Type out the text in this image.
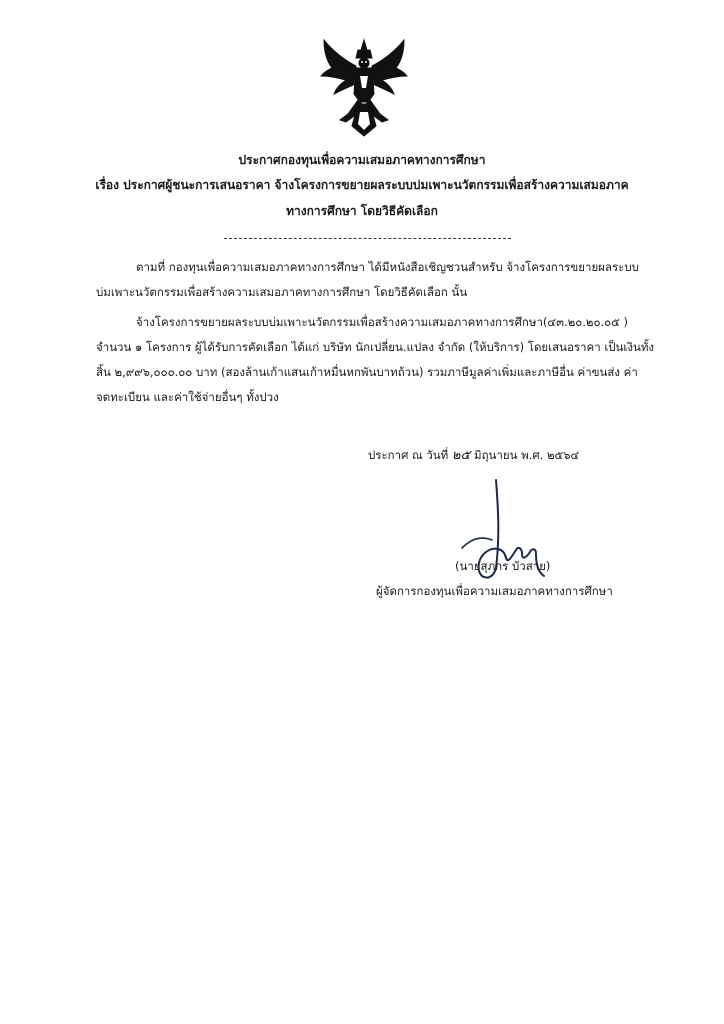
ประกาศกองทุนเพื่อความเสมอภาคทางการศึกษา
เรื่อง ประกาศผู้ชนะการเสนอราคา จ้างโครงการขยายผลระบบบ่มเพาะนวัตกรรมเพื่อสร้างความเสมอภาค
ทางการศึกษา โดยวิธีคัดเลือก
ตามที่ กองทุนเพื่อความเสมอภาคทางการศึกษา ได้มีหนังสือเชิญชวนสำหรับ จ้างโครงการขยายผลระบบ
บ่มเพาะนวัตกรรมเพื่อสร้างความเสมอภาคทางการศึกษา โดยวิธีคัดเลือก นั้น
จ้างโครงการขยายผลระบบบ่มเพาะนวัตกรรมเพื่อสร้างความเสมอภาคทางการศึกษา(๔๓.๒๐.๒๐.๐๕ )
จำนวน ๑ โครงการ ผู้ได้รับการคัดเลือก ได้แก่ บริษัท นักเปลี่ยน.แปลง จำกัด (ให้บริการ) โดยเสนอราคา เป็นเงินทั้ง
สิ้น ๒,๙๙๖,๐๐๐.๐๐ บาท (สองล้านเก้าแสนเก้าหมื่นหกพันบาทถ้วน) รวมภาษีมูลค่าเพิ่มและภาษีอื่น ค่าขนส่ง ค่า
จดทะเบียน และค่าใช้จ่ายอื่นๆ ทั้งปวง
ประกาศ ณ วันที่ ๒๕ มิถุนายน พ.ศ. ๒๕๖๔
(นายสุภกร บัวสาย)
ผู้จัดการกองทุนเพื่อความเสมอภาคทางการศึกษา
